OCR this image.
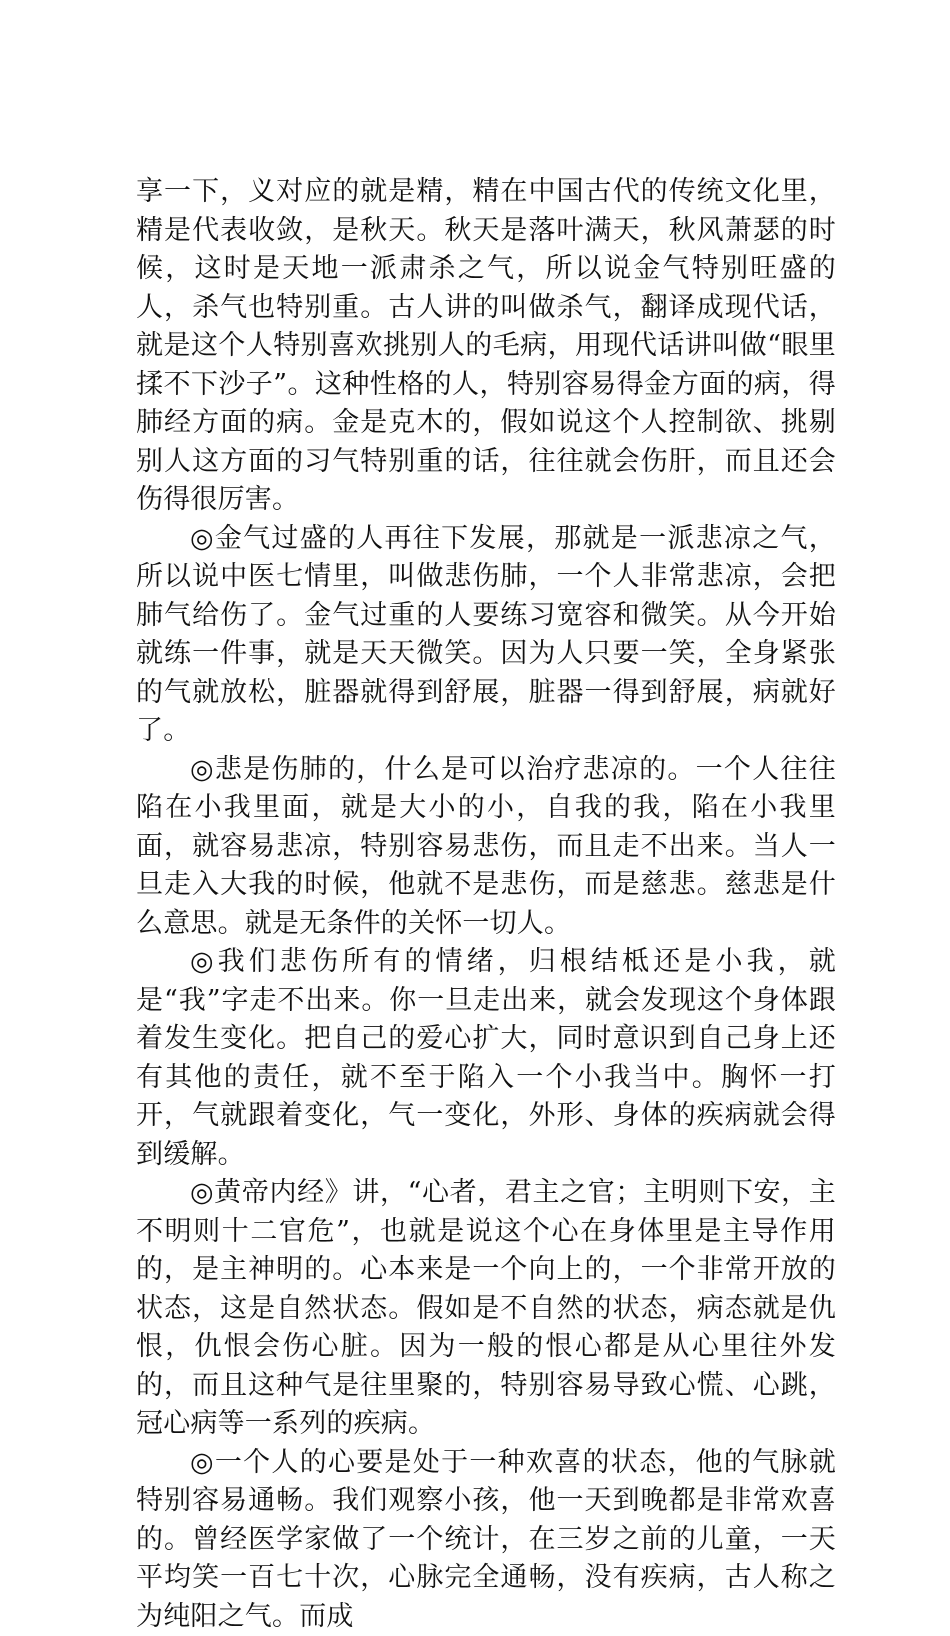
享一下，义对应的就是精，精在中国古代的传统文化里，精是代表收敛，是秋天。秋天是落叶满天，秋风萧瑟的时候，这时是天地一派肃杀之气，所以说金气特别旺盛的人，杀气也特别重。古人讲的叫做杀气，翻译成现代话，就是这个人特别喜欢挑别人的毛病，用现代话讲叫做“眼里揉不下沙子”。这种性格的人，特别容易得金方面的病，得肺经方面的病。金是克木的，假如说这个人控制欲、挑剔别人这方面的习气特别重的话，往往就会伤肝，而且还会伤得很厉害。

◎金气过盛的人再往下发展，那就是一派悲凉之气，所以说中医七情里，叫做悲伤肺，一个人非常悲凉，会把肺气给伤了。金气过重的人要练习宽容和微笑。从今开始就练一件事，就是天天微笑。因为人只要一笑，全身紧张的气就放松，脏器就得到舒展，脏器一得到舒展，病就好了。

◎悲是伤肺的，什么是可以治疗悲凉的。一个人往往陷在小我里面，就是大小的小，自我的我，陷在小我里面，就容易悲凉，特别容易悲伤，而且走不出来。当人一旦走入大我的时候，他就不是悲伤，而是慈悲。慈悲是什么意思。就是无条件的关怀一切人。

◎我们悲伤所有的情绪，归根结柢还是小我，就是“我”字走不出来。你一旦走出来，就会发现这个身体跟着发生变化。把自己的爱心扩大，同时意识到自己身上还有其他的责任，就不至于陷入一个小我当中。胸怀一打开，气就跟着变化，气一变化，外形、身体的疾病就会得到缓解。

◎黄帝内经》讲，“心者，君主之官；主明则下安，主不明则十二官危”，也就是说这个心在身体里是主导作用的，是主神明的。心本来是一个向上的，一个非常开放的状态，这是自然状态。假如是不自然的状态，病态就是仇恨，仇恨会伤心脏。因为一般的恨心都是从心里往外发的，而且这种气是往里聚的，特别容易导致心慌、心跳，冠心病等一系列的疾病。

◎一个人的心要是处于一种欢喜的状态，他的气脉就特别容易通畅。我们观察小孩，他一天到晚都是非常欢喜的。曾经医学家做了一个统计，在三岁之前的儿童，一天平均笑一百七十次，心脉完全通畅，没有疾病，古人称之为纯阳之气。而成
